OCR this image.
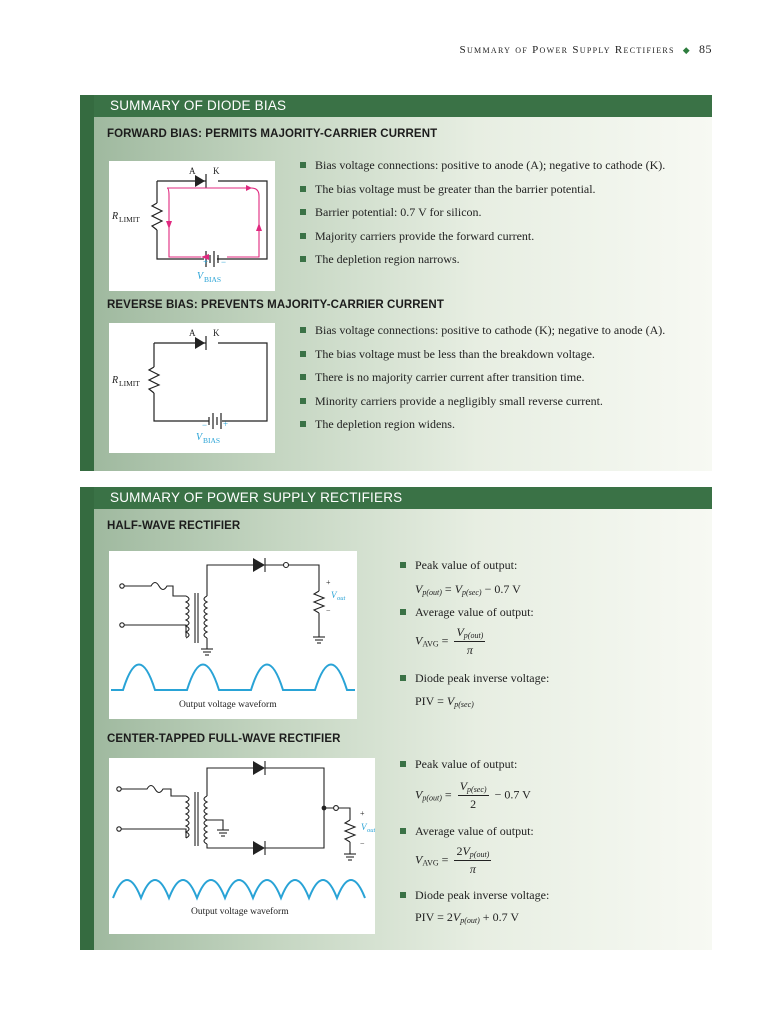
Summary of Power Supply Rectifiers ◆ 85
SUMMARY OF DIODE BIAS
FORWARD BIAS: PERMITS MAJORITY-CARRIER CURRENT
A K
R LIMIT
+ −
V BIAS
Bias voltage connections: positive to anode (A); negative to cathode (K).
The bias voltage must be greater than the barrier potential.
Barrier potential: 0.7 V for silicon.
Majority carriers provide the forward current.
The depletion region narrows.
REVERSE BIAS: PREVENTS MAJORITY-CARRIER CURRENT
A K
R LIMIT
− +
V BIAS
Bias voltage connections: positive to cathode (K); negative to anode (A).
The bias voltage must be less than the breakdown voltage.
There is no majority carrier current after transition time.
Minority carriers provide a negligibly small reverse current.
The depletion region widens.
SUMMARY OF POWER SUPPLY RECTIFIERS
HALF-WAVE RECTIFIER
+
V out
−
Output voltage waveform
Peak value of output:
$V_{p(out)} = V_{p(sec)} - 0.7$ V
Average value of output:
$V_{AVG} = \frac{V_{p(out)}}{\pi}$
Diode peak inverse voltage:
PIV = $V_{p(sec)}$
CENTER-TAPPED FULL-WAVE RECTIFIER
+
V out
−
Output voltage waveform
Peak value of output:
$V_{p(out)} = \frac{V_{p(sec)}}{2} - 0.7$ V
Average value of output:
$V_{AVG} = \frac{2V_{p(out)}}{\pi}$
Diode peak inverse voltage:
PIV = $2V_{p(out)} + 0.7$ V
